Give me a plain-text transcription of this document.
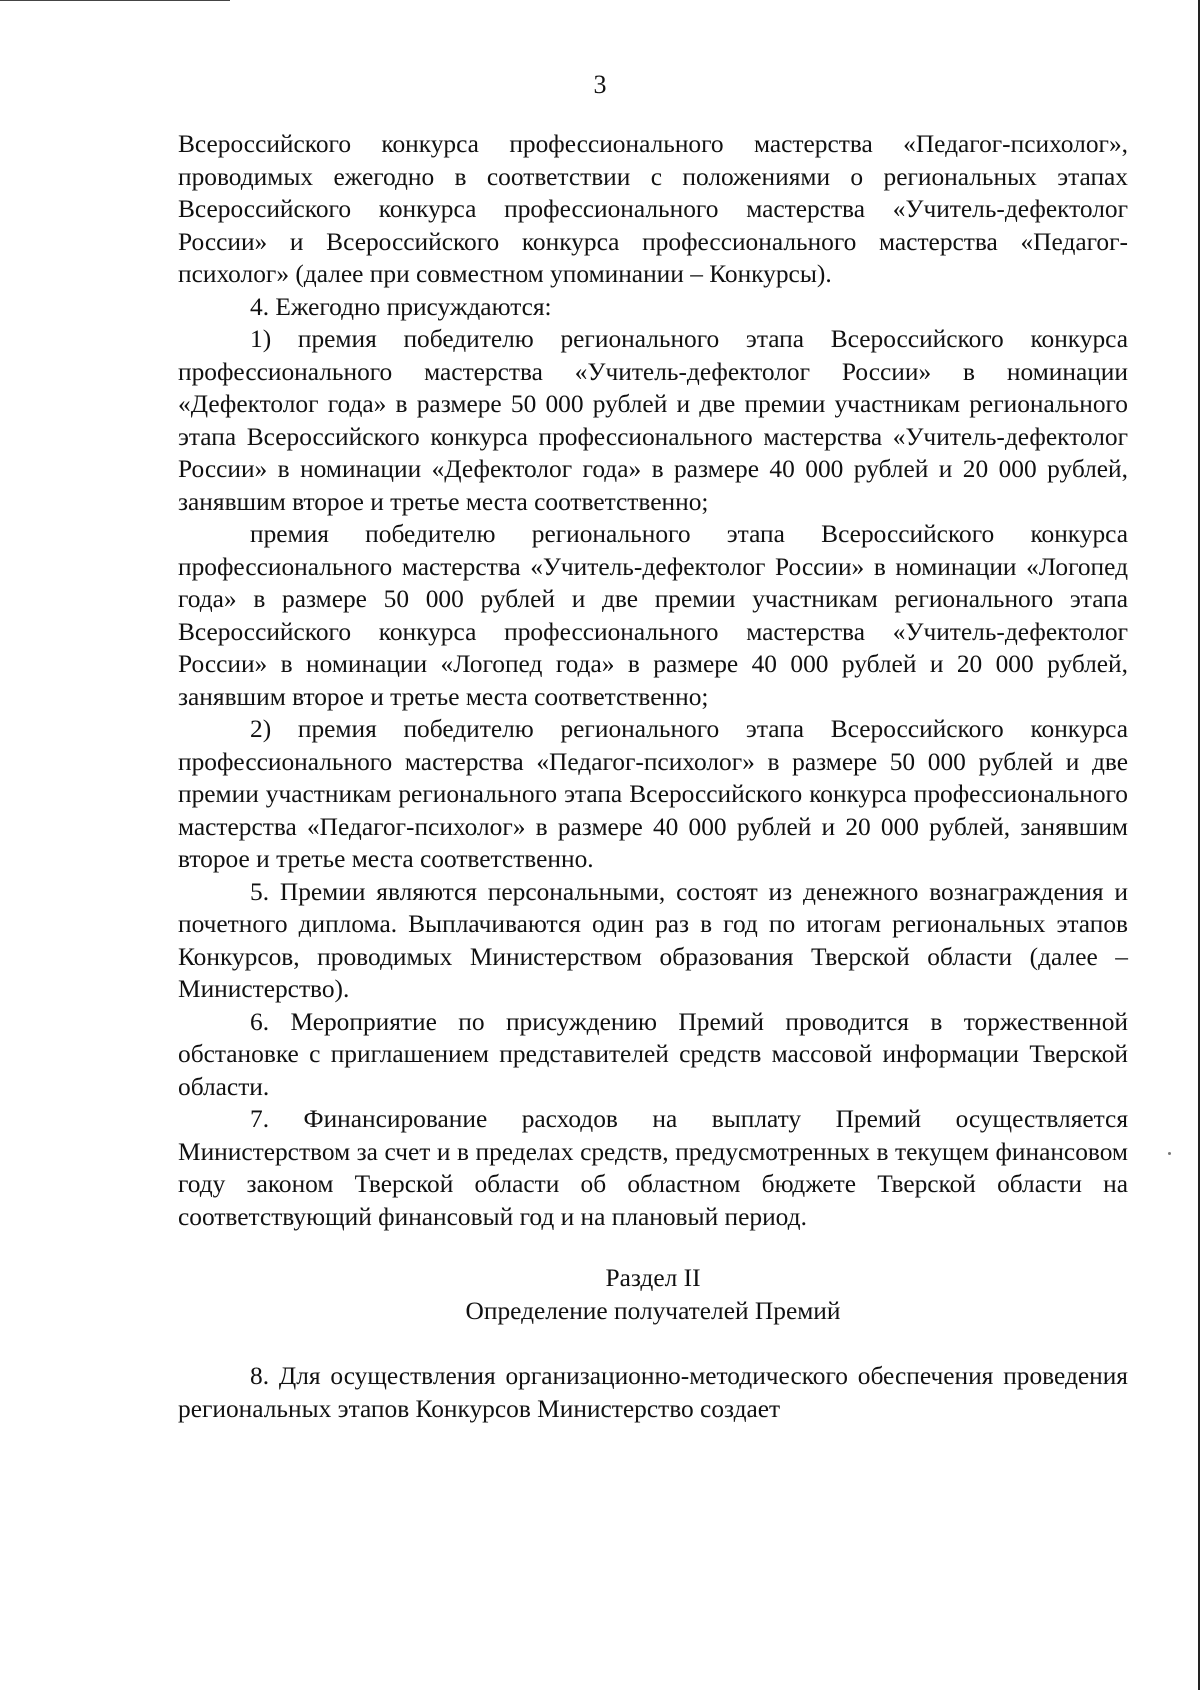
3

Всероссийского конкурса профессионального мастерства «Педагог-психолог», проводимых ежегодно в соответствии с положениями о региональных этапах Всероссийского конкурса профессионального мастерства «Учитель-дефектолог России» и Всероссийского конкурса профессионального мастерства «Педагог-психолог» (далее при совместном упоминании – Конкурсы).

4. Ежегодно присуждаются:

1) премия победителю регионального этапа Всероссийского конкурса профессионального мастерства «Учитель-дефектолог России» в номинации «Дефектолог года» в размере 50 000 рублей и две премии участникам регионального этапа Всероссийского конкурса профессионального мастерства «Учитель-дефектолог России» в номинации «Дефектолог года» в размере 40 000 рублей и 20 000 рублей, занявшим второе и третье места соответственно;

премия победителю регионального этапа Всероссийского конкурса профессионального мастерства «Учитель-дефектолог России» в номинации «Логопед года» в размере 50 000 рублей и две премии участникам регионального этапа Всероссийского конкурса профессионального мастерства «Учитель-дефектолог России» в номинации «Логопед года» в размере 40 000 рублей и 20 000 рублей, занявшим второе и третье места соответственно;

2) премия победителю регионального этапа Всероссийского конкурса профессионального мастерства «Педагог-психолог» в размере 50 000 рублей и две премии участникам регионального этапа Всероссийского конкурса профессионального мастерства «Педагог-психолог» в размере 40 000 рублей и 20 000 рублей, занявшим второе и третье места соответственно.

5. Премии являются персональными, состоят из денежного вознаграждения и почетного диплома. Выплачиваются один раз в год по итогам региональных этапов Конкурсов, проводимых Министерством образования Тверской области (далее – Министерство).

6. Мероприятие по присуждению Премий проводится в торжественной обстановке с приглашением представителей средств массовой информации Тверской области.

7. Финансирование расходов на выплату Премий осуществляется Министерством за счет и в пределах средств, предусмотренных в текущем финансовом году законом Тверской области об областном бюджете Тверской области на соответствующий финансовый год и на плановый период.

Раздел II

Определение получателей Премий

8. Для осуществления организационно-методического обеспечения проведения региональных этапов Конкурсов Министерство создает
